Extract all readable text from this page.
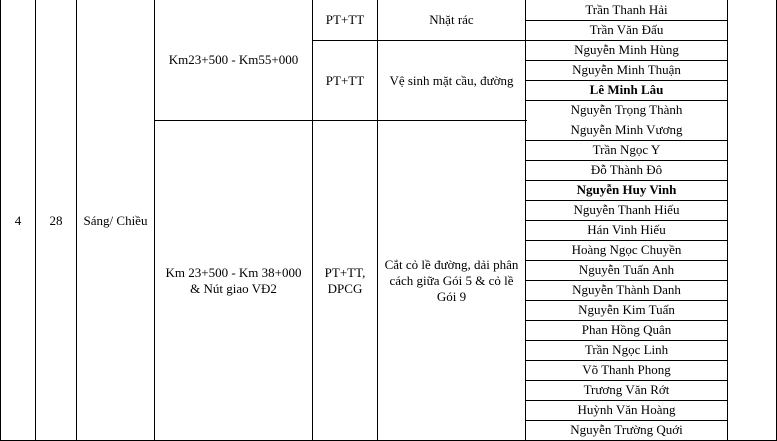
4 28 Sáng/ Chiều
Km23+500 - Km55+000
Km 23+500 - Km 38+000 & Nút giao VĐ2
PT+TT
PT+TT
PT+TT, DPCG
Nhặt rác
Vệ sinh mặt cầu, đường
Cắt cỏ lề đường, dải phân cách giữa Gói 5 & cỏ lề Gói 9
Trần Thanh Hải
Trần Văn Đấu
Nguyễn Minh Hùng
Nguyễn Minh Thuận
Lê Minh Lâu
Nguyễn Trọng Thành
Nguyễn Minh Vương
Trần Ngọc Y
Đỗ Thành Đô
Nguyễn Huy Vinh
Nguyễn Thanh Hiếu
Hán Vinh Hiếu
Hoàng Ngọc Chuyền
Nguyễn Tuấn Anh
Nguyễn Thành Danh
Nguyễn Kim Tuấn
Phan Hồng Quân
Trần Ngọc Linh
Võ Thanh Phong
Trương Văn Rớt
Huỳnh Văn Hoàng
Nguyễn Trường Quới
